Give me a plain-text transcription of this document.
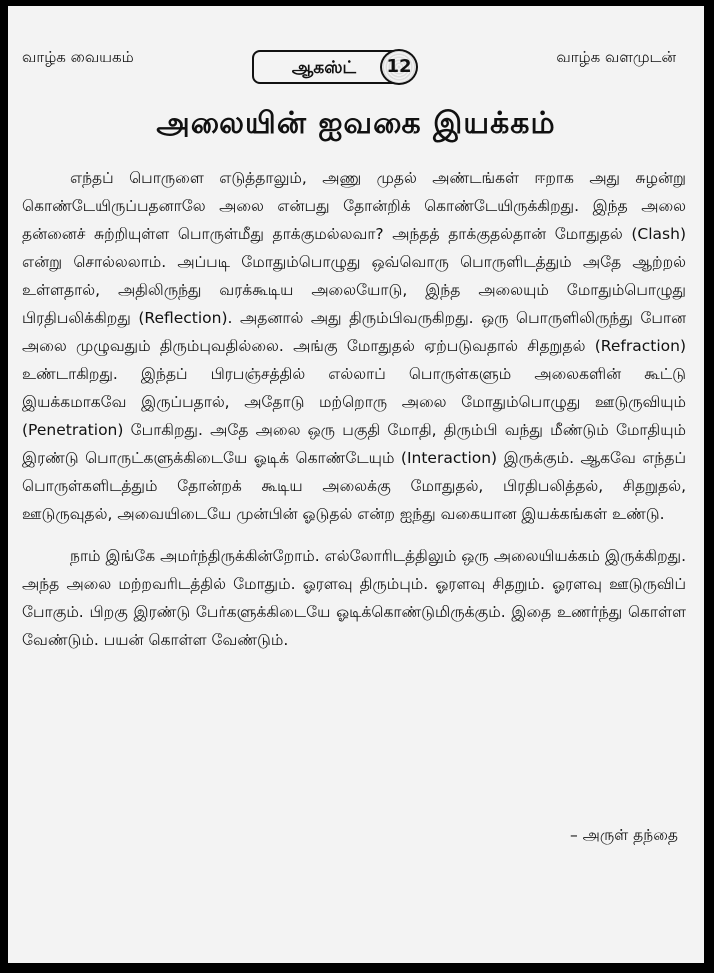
வாழ்க வையகம்
ஆகஸ்ட்	12	வாழ்க வளமுடன்
அலையின் ஐவகை இயக்கம்

எந்தப் பொருளை எடுத்தாலும், அணு முதல் அண்டங்கள் ஈறாக அது சுழன்று கொண்டேயிருப்பதனாலே அலை என்பது தோன்றிக் கொண்டேயிருக்கிறது. இந்த அலை தன்னைச் சுற்றியுள்ள பொருள்மீது தாக்குமல்லவா? அந்தத் தாக்குதல்தான் மோதுதல் (Clash) என்று சொல்லலாம். அப்படி மோதும்பொழுது ஒவ்வொரு பொருளிடத்தும் அதே ஆற்றல் உள்ளதால், அதிலிருந்து வரக்கூடிய அலையோடு, இந்த அலையும் மோதும்பொழுது பிரதிபலிக்கிறது (Reflection). அதனால் அது திரும்பிவருகிறது. ஒரு பொருளிலிருந்து போன அலை முழுவதும் திரும்புவதில்லை. அங்கு மோதுதல் ஏற்படுவதால் சிதறுதல் (Refraction) உண்டாகிறது. இந்தப் பிரபஞ்சத்தில் எல்லாப் பொருள்களும் அலைகளின் கூட்டு இயக்கமாகவே இருப்பதால், அதோடு மற்றொரு அலை மோதும்பொழுது ஊடுருவியும் (Penetration) போகிறது. அதே அலை ஒரு பகுதி மோதி, திரும்பி வந்து மீண்டும் மோதியும் இரண்டு பொருட்களுக்கிடையே ஓடிக் கொண்டேயும் (Interaction) இருக்கும். ஆகவே எந்தப் பொருள்களிடத்தும் தோன்றக் கூடிய அலைக்கு மோதுதல், பிரதிபலித்தல், சிதறுதல், ஊடுருவுதல், அவையிடையே முன்பின் ஓடுதல் என்ற ஐந்து வகையான இயக்கங்கள் உண்டு.

நாம் இங்கே அமர்ந்திருக்கின்றோம். எல்லோரிடத்திலும் ஒரு அலையியக்கம் இருக்கிறது. அந்த அலை மற்றவரிடத்தில் மோதும். ஓரளவு திரும்பும். ஓரளவு சிதறும். ஓரளவு ஊடுருவிப் போகும். பிறகு இரண்டு பேர்களுக்கிடையே ஓடிக்கொண்டுமிருக்கும். இதை உணர்ந்து கொள்ள வேண்டும். பயன் கொள்ள வேண்டும்.

– அருள் தந்தை
